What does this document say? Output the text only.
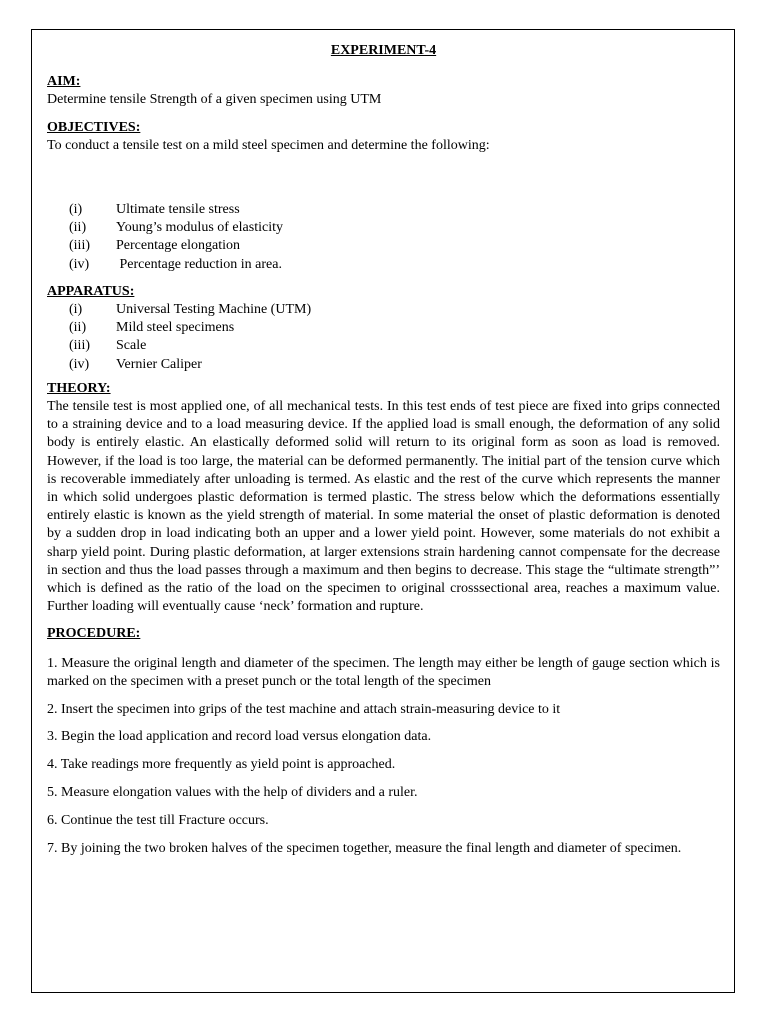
EXPERIMENT-4

AIM:

Determine tensile Strength of a given specimen using UTM

OBJECTIVES:

To conduct a tensile test on a mild steel specimen and determine the following:

(i)	Ultimate tensile stress
(ii)	Young’s modulus of elasticity
(iii)	Percentage elongation
(iv)	Percentage reduction in area.

APPARATUS:

(i)	Universal Testing Machine (UTM)
(ii)	Mild steel specimens
(iii)	Scale
(iv)	Vernier Caliper

THEORY:

The tensile test is most applied one, of all mechanical tests. In this test ends of test piece are fixed into grips connected to a straining device and to a load measuring device. If the applied load is small enough, the deformation of any solid body is entirely elastic. An elastically deformed solid will return to its original form as soon as load is removed. However, if the load is too large, the material can be deformed permanently. The initial part of the tension curve which is recoverable immediately after unloading is termed. As elastic and the rest of the curve which represents the manner in which solid undergoes plastic deformation is termed plastic. The stress below which the deformations essentially entirely elastic is known as the yield strength of material. In some material the onset of plastic deformation is denoted by a sudden drop in load indicating both an upper and a lower yield point. However, some materials do not exhibit a sharp yield point. During plastic deformation, at larger extensions strain hardening cannot compensate for the decrease in section and thus the load passes through a maximum and then begins to decrease. This stage the “ultimate strength”’ which is defined as the ratio of the load on the specimen to original crosssectional area, reaches a maximum value. Further loading will eventually cause ‘neck’ formation and rupture.

PROCEDURE:

1. Measure the original length and diameter of the specimen. The length may either be length of gauge section which is marked on the specimen with a preset punch or the total length of the specimen

2. Insert the specimen into grips of the test machine and attach strain-measuring device to it

3. Begin the load application and record load versus elongation data.

4. Take readings more frequently as yield point is approached.

5. Measure elongation values with the help of dividers and a ruler.

6. Continue the test till Fracture occurs.

7. By joining the two broken halves of the specimen together, measure the final length and diameter of specimen.
